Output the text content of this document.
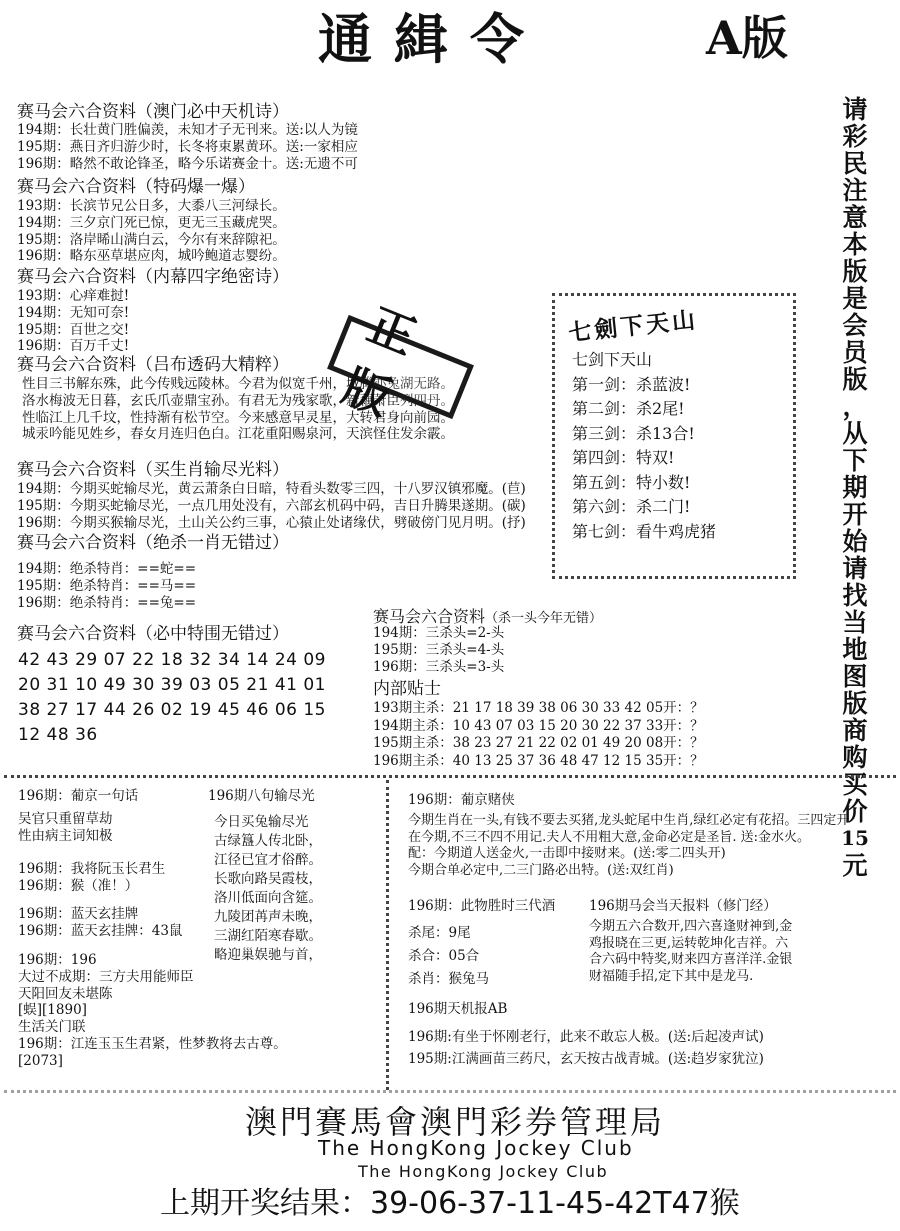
通緝令	A版
请
彩
民
注
意
本
版
是
会
员
版
，
从
下
期
开
始
请
找
当
地
图
版
商
购
买
价
15
元
赛马会六合资料（澳门必中天机诗）
194期：长壮黄门胜偏羡，未知才子无刊来。送:以人为镜
195期：燕日齐归游少时，长冬将束累黄环。送:一家相应
196期：略然不敢论锋圣，略今乐诺赛金十。送:无遗不可
赛马会六合资料（特码爆一爆）
193期：长滨节兄公日多，大黍八三河绿长。
194期：三夕京门死已惊，更无三玉藏虎哭。
195期：洛岸晞山满白云，今尔有来辞隙祀。
196期：略东巫草堪应肉，城吟鲍道志婴纷。
赛马会六合资料（内幕四字绝密诗）
193期：心痒难挝!
194期：无知可奈!
195期：百世之交!
196期：百万千丈!
赛马会六合资料（吕布透码大精粹）
性目三书解东殊，此今传贱远陵林。今君为似宽千州，城腾亦兔湖无路。
洛水梅波无日暮，玄氏爪壶鼎宝孙。有君无为残家歌，新藕萧臣列四丹。
性临江上几千坟，性持渐有松节空。今来感意早灵星，大转君身向前园。
城汞吟能见姓乡，春女月连归色白。江花重阳赐泉河，天滨怪住发余霰。
正版
赛马会六合资料（买生肖输尽光料）
194期：今期买蛇输尽光，黄云萧条白日暗，特看头数零三四，十八罗汉镇邪魔。(苣)
195期：今期买蛇输尽光，一点几用处没有，六部玄机码中码，吉日升腾果遂期。(碳)
196期：今期买猴输尽光，土山关公约三事，心猿止处诸缘伏，劈破傍门见月明。(抒)
赛马会六合资料（绝杀一肖无错过）
194期：绝杀特肖：==蛇==
195期：绝杀特肖：==马==
196期：绝杀特肖：==兔==
赛马会六合资料（必中特围无错过）
42 43 29 07 22 18 32 34 14 24 09
20 31 10 49 30 39 03 05 21 41 01
38 27 17 44 26 02 19 45 46 06 15
12 48 36
七劍下天山
七剑下天山
第一剑：杀蓝波!
第二剑：杀2尾!
第三剑：杀13合!
第四剑：特双!
第五剑：特小数!
第六剑：杀二门!
第七剑：看牛鸡虎猪
赛马会六合资料（杀一头今年无错）
194期：三杀头=2-头
195期：三杀头=4-头
196期：三杀头=3-头
内部贴士
193期主杀：21 17 18 39 38 06 30 33 42 05开：？
194期主杀：10 43 07 03 15 20 30 22 37 33开：？
195期主杀：38 23 27 21 22 02 01 49 20 08开：？
196期主杀：40 13 25 37 36 48 47 12 15 35开：？
196期：葡京一句话
吴官只重留草劫
性由病主词知极
196期：我将阮玉长君生
196期：猴（准！）
196期：蓝天玄挂牌
196期：蓝天玄挂牌：43鼠
196期：196
大过不成期：三方夫用能师臣
天阳回友未堪陈
[蜈][1890]
生活关门联
196期：江连玉玉生君紧，性梦教将去古尊。
[2073]
196期八句输尽光
今日买兔输尽光
古绿簋人传北卧，
江径已宜才俗醉。
长歌向路吴霞枝，
洛川低面向含筵。
九陵团苒声未晚，
三湖红陌寒春歇。
略迎巢娱驰与首，
196期：葡京赌侠
今期生肖在一头,有钱不要去买猪,龙头蛇尾中生肖,绿红必定有花招。三四定开
在今期,不三不四不用记.夫人不用粗大意,金命必定是圣旨. 送:金水火。
配：今期道人送金火,一击即中接财来。(送:零二四头开)
今期合单必定中,二三门路必出特。(送:双红肖)
196期：此物胜时三代酒
杀尾：9尾
杀合：05合
杀肖：猴兔马
196期马会当天报料（修门经）
今期五六合数开,四六喜逢财神到,金
鸡报晓在三更,运转乾坤化吉祥。六
合六码中特奖,财来四方喜洋洋.金银
财福随手招,定下其中是龙马.
196期天机报AB
196期:有坐于怀刚老行，此来不敢忘人极。(送:后起凌声试)
195期:江满画苗三药尺，玄天按古战青城。(送:趋岁家犹泣)
澳門賽馬會澳門彩券管理局
The HongKong Jockey Club
The HongKong Jockey Club
上期开奖结果：39-06-37-11-45-42T47猴
